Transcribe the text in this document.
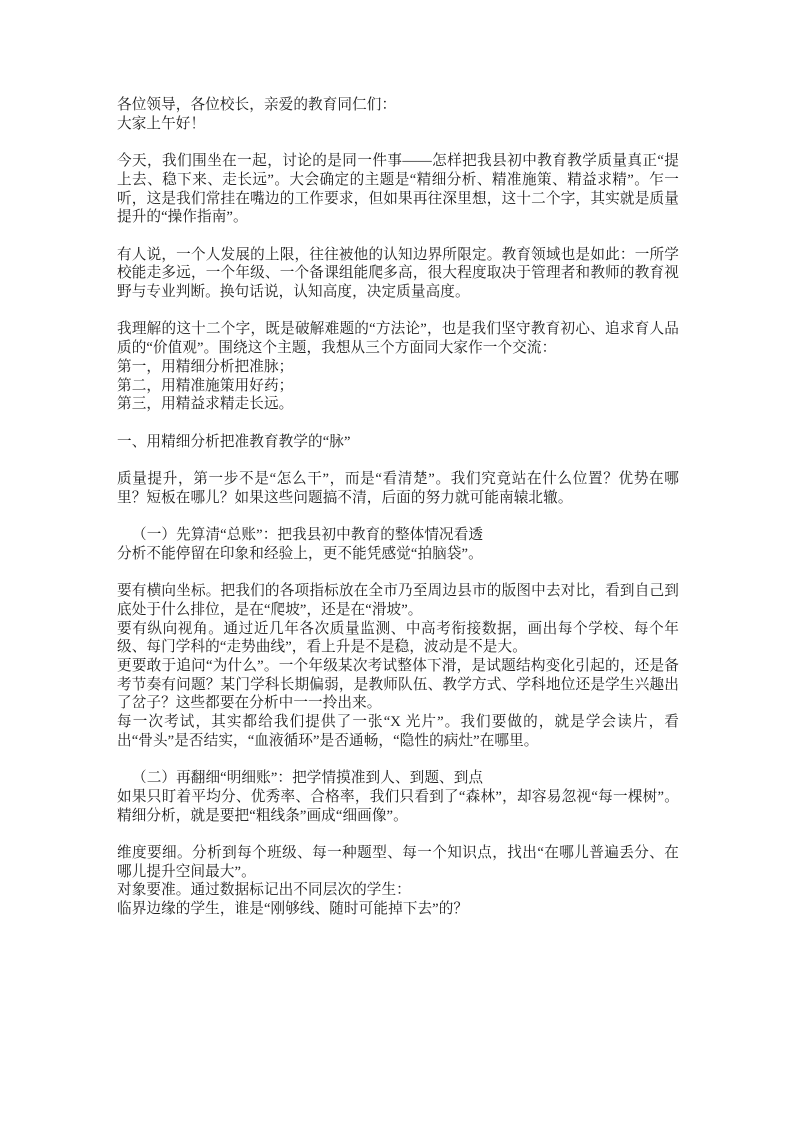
各位领导，各位校长，亲爱的教育同仁们：
大家上午好！

今天，我们围坐在一起，讨论的是同一件事——怎样把我县初中教育教学质量真正“提上去、稳下来、走长远”。大会确定的主题是“精细分析、精准施策、精益求精”。乍一听，这是我们常挂在嘴边的工作要求，但如果再往深里想，这十二个字，其实就是质量提升的“操作指南”。

有人说，一个人发展的上限，往往被他的认知边界所限定。教育领域也是如此：一所学校能走多远，一个年级、一个备课组能爬多高，很大程度取决于管理者和教师的教育视野与专业判断。换句话说，认知高度，决定质量高度。

我理解的这十二个字，既是破解难题的“方法论”，也是我们坚守教育初心、追求育人品质的“价值观”。围绕这个主题，我想从三个方面同大家作一个交流：
第一，用精细分析把准脉；
第二，用精准施策用好药；
第三，用精益求精走长远。

一、用精细分析把准教育教学的“脉”

质量提升，第一步不是“怎么干”，而是“看清楚”。我们究竟站在什么位置？优势在哪里？短板在哪儿？如果这些问题搞不清，后面的努力就可能南辕北辙。

（一）先算清“总账”：把我县初中教育的整体情况看透
分析不能停留在印象和经验上，更不能凭感觉“拍脑袋”。

要有横向坐标。把我们的各项指标放在全市乃至周边县市的版图中去对比，看到自己到底处于什么排位，是在“爬坡”，还是在“滑坡”。
要有纵向视角。通过近几年各次质量监测、中高考衔接数据，画出每个学校、每个年级、每门学科的“走势曲线”，看上升是不是稳，波动是不是大。
更要敢于追问“为什么”。一个年级某次考试整体下滑，是试题结构变化引起的，还是备考节奏有问题？某门学科长期偏弱，是教师队伍、教学方式、学科地位还是学生兴趣出了岔子？这些都要在分析中一一拎出来。
每一次考试，其实都给我们提供了一张“X 光片”。我们要做的，就是学会读片，看出“骨头”是否结实，“血液循环”是否通畅，“隐性的病灶”在哪里。

（二）再翻细“明细账”：把学情摸准到人、到题、到点
如果只盯着平均分、优秀率、合格率，我们只看到了“森林”，却容易忽视“每一棵树”。精细分析，就是要把“粗线条”画成“细画像”。

维度要细。分析到每个班级、每一种题型、每一个知识点，找出“在哪儿普遍丢分、在哪儿提升空间最大”。
对象要准。通过数据标记出不同层次的学生：
临界边缘的学生，谁是“刚够线、随时可能掉下去”的？
